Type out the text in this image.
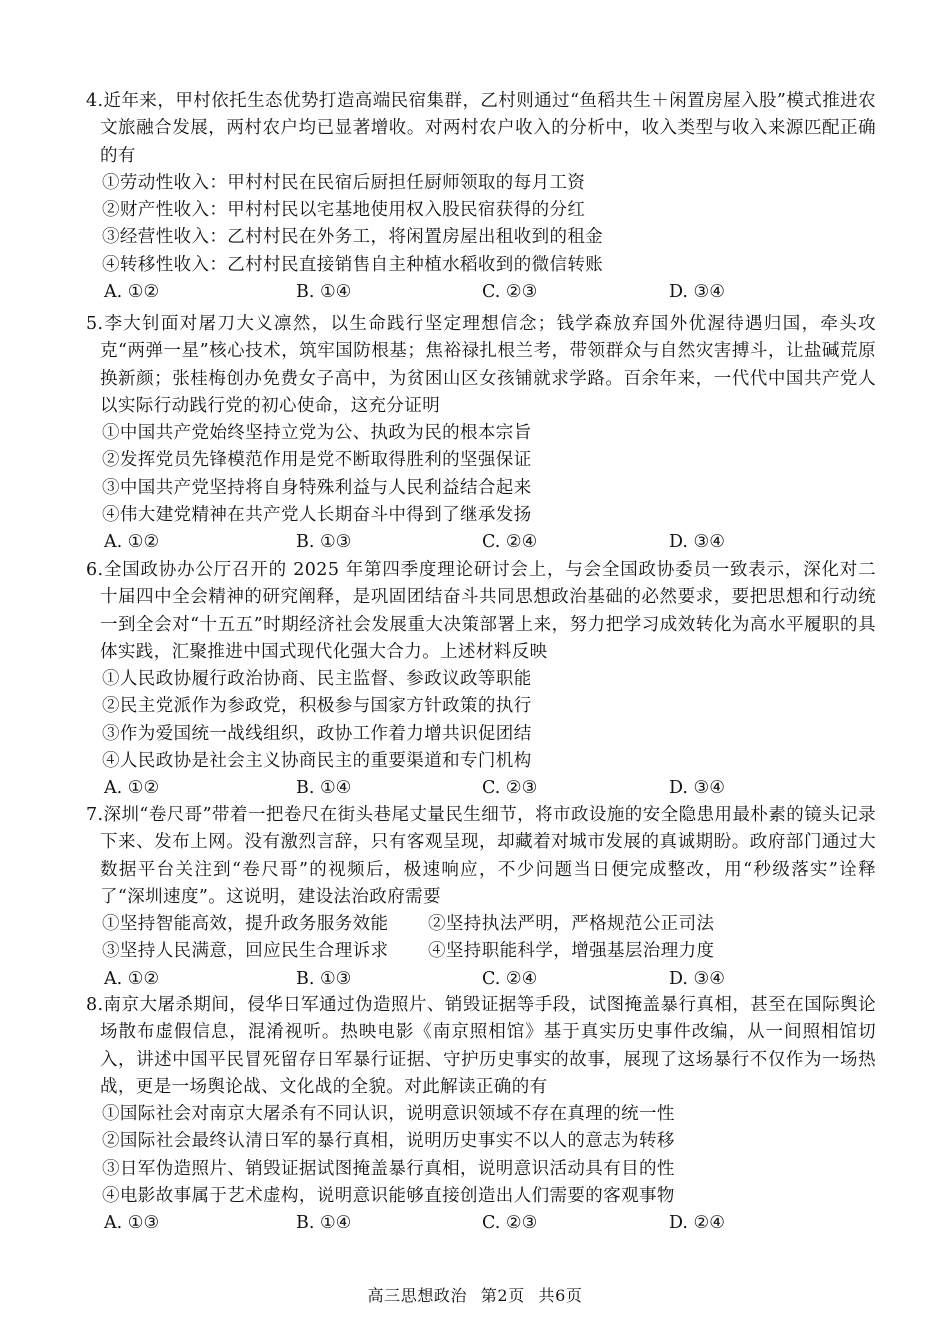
4.近年来，甲村依托生态优势打造高端民宿集群，乙村则通过“鱼稻共生＋闲置房屋入股”模式推进农文旅融合发展，两村农户均已显著增收。对两村农户收入的分析中，收入类型与收入来源匹配正确的有

①劳动性收入：甲村村民在民宿后厨担任厨师领取的每月工资

②财产性收入：甲村村民以宅基地使用权入股民宿获得的分红

③经营性收入：乙村村民在外务工，将闲置房屋出租收到的租金

④转移性收入：乙村村民直接销售自主种植水稻收到的微信转账

A. ①②	B. ①④	C. ②③	D. ③④

5.李大钊面对屠刀大义凛然，以生命践行坚定理想信念；钱学森放弃国外优渥待遇归国，牵头攻克“两弹一星”核心技术，筑牢国防根基；焦裕禄扎根兰考，带领群众与自然灾害搏斗，让盐碱荒原换新颜；张桂梅创办免费女子高中，为贫困山区女孩铺就求学路。百余年来，一代代中国共产党人以实际行动践行党的初心使命，这充分证明

①中国共产党始终坚持立党为公、执政为民的根本宗旨

②发挥党员先锋模范作用是党不断取得胜利的坚强保证

③中国共产党坚持将自身特殊利益与人民利益结合起来

④伟大建党精神在共产党人长期奋斗中得到了继承发扬

A. ①②	B. ①③	C. ②④	D. ③④

6.全国政协办公厅召开的 2025 年第四季度理论研讨会上，与会全国政协委员一致表示，深化对二十届四中全会精神的研究阐释，是巩固团结奋斗共同思想政治基础的必然要求，要把思想和行动统一到全会对“十五五”时期经济社会发展重大决策部署上来，努力把学习成效转化为高水平履职的具体实践，汇聚推进中国式现代化强大合力。上述材料反映

①人民政协履行政治协商、民主监督、参政议政等职能

②民主党派作为参政党，积极参与国家方针政策的执行

③作为爱国统一战线组织，政协工作着力增共识促团结

④人民政协是社会主义协商民主的重要渠道和专门机构

A. ①②	B. ①④	C. ②③	D. ③④

7.深圳“卷尺哥”带着一把卷尺在街头巷尾丈量民生细节，将市政设施的安全隐患用最朴素的镜头记录下来、发布上网。没有激烈言辞，只有客观呈现，却藏着对城市发展的真诚期盼。政府部门通过大数据平台关注到“卷尺哥”的视频后，极速响应，不少问题当日便完成整改，用“秒级落实”诠释了“深圳速度”。这说明，建设法治政府需要

①坚持智能高效，提升政务服务效能 ②坚持执法严明，严格规范公正司法

③坚持人民满意，回应民生合理诉求 ④坚持职能科学，增强基层治理力度

A. ①②	B. ①③	C. ②④	D. ③④

8.南京大屠杀期间，侵华日军通过伪造照片、销毁证据等手段，试图掩盖暴行真相，甚至在国际舆论场散布虚假信息，混淆视听。热映电影《南京照相馆》基于真实历史事件改编，从一间照相馆切入，讲述中国平民冒死留存日军暴行证据、守护历史事实的故事，展现了这场暴行不仅作为一场热战，更是一场舆论战、文化战的全貌。对此解读正确的有

①国际社会对南京大屠杀有不同认识，说明意识领域不存在真理的统一性

②国际社会最终认清日军的暴行真相，说明历史事实不以人的意志为转移

③日军伪造照片、销毁证据试图掩盖暴行真相，说明意识活动具有目的性

④电影故事属于艺术虚构，说明意识能够直接创造出人们需要的客观事物

A. ①③	B. ①④	C. ②③	D. ②④
高三思想政治 第2页 共6页
